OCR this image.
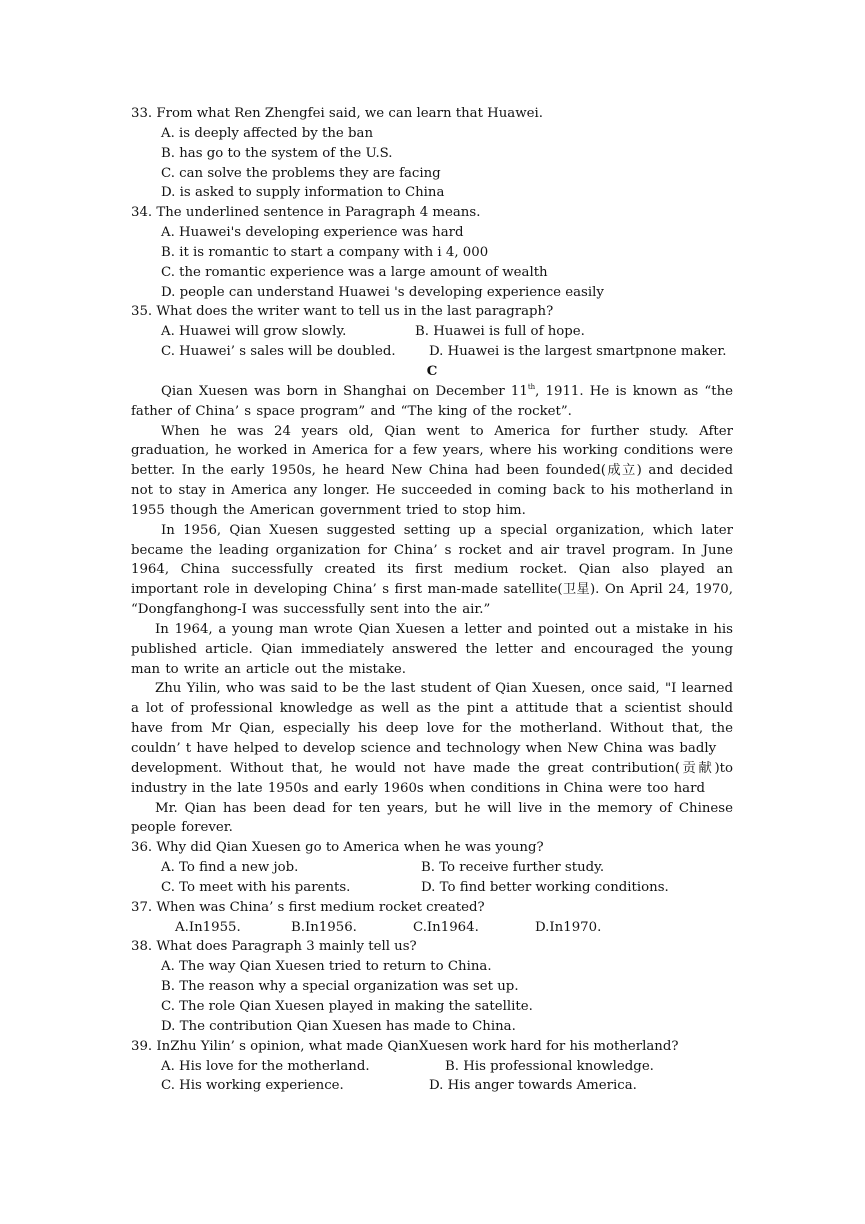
33. From what Ren Zhengfei said, we can learn that Huawei.
A. is deeply affected by the ban
B. has go to the system of the U.S.
C. can solve the problems they are facing
D. is asked to supply information to China
34. The underlined sentence in Paragraph 4 means.
A. Huawei's developing experience was hard
B. it is romantic to start a company with i 4, 000
C. the romantic experience was a large amount of wealth
D. people can understand Huawei 's developing experience easily
35. What does the writer want to tell us in the last paragraph?
A. Huawei will grow slowly.	B. Huawei is full of hope.
C. Huawei’ s sales will be doubled.	D. Huawei is the largest smartpnone maker.
C
Qian Xuesen was born in Shanghai on December 11th, 1911. He is known as “the father of China’ s space program” and “The king of the rocket”.
When he was 24 years old, Qian went to America for further study. After graduation, he worked in America for a few years, where his working conditions were better. In the early 1950s, he heard New China had been founded(成立) and decided not to stay in America any longer. He succeeded in coming back to his motherland in 1955 though the American government tried to stop him.
In 1956, Qian Xuesen suggested setting up a special organization, which later became the leading organization for China’ s rocket and air travel program. In June 1964, China successfully created its first medium rocket. Qian also played an important role in developing China’ s first man-made satellite(卫星). On April 24, 1970, “Dongfanghong-I was successfully sent into the air.”
In 1964, a young man wrote Qian Xuesen a letter and pointed out a mistake in his published article. Qian immediately answered the letter and encouraged the young man to write an article out the mistake.
Zhu Yilin, who was said to be the last student of Qian Xuesen, once said, "I learned a lot of professional knowledge as well as the pint a attitude that a scientist should have from Mr Qian, especially his deep love for the motherland. Without that, the couldn’ t have helped to develop science and technology when New China was badly
development. Without that, he would not have made the great contribution(贡献)to industry in the late 1950s and early 1960s when conditions in China were too hard
Mr. Qian has been dead for ten years, but he will live in the memory of Chinese people forever.
36. Why did Qian Xuesen go to America when he was young?
A. To find a new job.	B. To receive further study.
C. To meet with his parents.	D. To find better working conditions.
37. When was China’ s first medium rocket created?
A.In1955.	B.In1956.	C.In1964.	D.In1970.
38. What does Paragraph 3 mainly tell us?
A. The way Qian Xuesen tried to return to China.
B. The reason why a special organization was set up.
C. The role Qian Xuesen played in making the satellite.
D. The contribution Qian Xuesen has made to China.
39. InZhu Yilin’ s opinion, what made QianXuesen work hard for his motherland?
A. His love for the motherland.	B. His professional knowledge.
C. His working experience.	D. His anger towards America.
